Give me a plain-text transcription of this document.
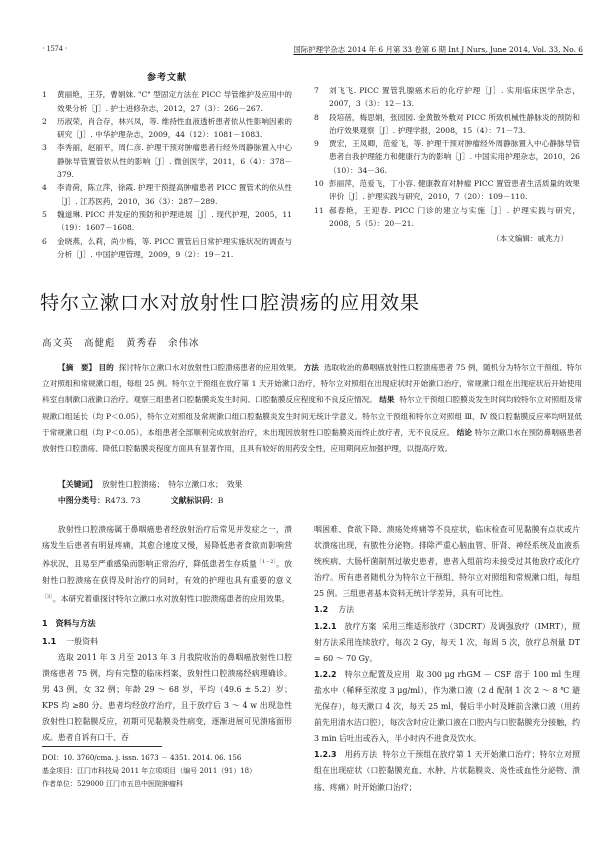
· 1574 ·	国际护理学杂志 2014 年 6 月第 33 卷第 6 期 Int J Nurs, June 2014, Vol. 33, No. 6
参考文献
1	黄丽艳，王芬，曹娟妹. "C" 型固定方法在 PICC 导管维护及应用中的效果分析［J］. 护士进修杂志，2012，27（3）：266－267.
2	历淑荣，肖合存，林兴凤，等. 维持性血液透析患者依从性影响因素的研究［J］. 中华护理杂志，2009，44（12）：1081－1083.
3	李秀丽，赵丽平，周仁彦. 护理干预对肿瘤患者行经外周静脉置入中心静脉导管置管依从性的影响［J］. 微创医学，2011，6（4）：378－379.
4	李青荷，陈立萍，徐霞. 护理干预提高肿瘤患者 PICC 置管术的依从性［J］. 江苏医药，2010，36（3）：287－289.
5	魏道琳. PICC 并发症的预防和护理进展［J］. 现代护理，2005，11（19）：1607－1608.
6	金晓燕，么莉，尚少梅，等. PICC 置管后日常护理实施状况的调查与分析［J］. 中国护理管理，2009，9（2）：19－21.
7	刘飞飞. PICC 置管乳腺癌术后的化疗护理［J］. 实用临床医学杂志，2007，3（3）：12－13.
8	段培蓓，梅思娟，张园园. 金黄散外敷对 PICC 所致机械性静脉炎的预防和治疗效果观察［J］. 护理学报，2008，15（4）：71－73.
9	贾宏，王凤卿，范爱飞，等. 护理干预对肿瘤经外周静脉置入中心静脉导管患者自我护理能力和健康行为的影响［J］. 中国实用护理杂志，2010，26（10）：34－36.
10 彭丽萍，范爱飞，丁小容. 健康教育对肿瘤 PICC 置管患者生活质量的效果评价［J］. 护理实践与研究，2010，7（20）：109－110.
11 郝春艳，王迎春. PICC 门诊的建立与实施［J］. 护理实践与研究，2008，5（5）：20－21.
（本文编辑：戚兆力）
特尔立漱口水对放射性口腔溃疡的应用效果
高文英　高健彪　黄秀春　余伟冰
【摘　要】 目的 探讨特尔立漱口水对放射性口腔溃疡患者的应用效果。 方法 选取收治的鼻咽癌放射性口腔溃疡患者 75 例，随机分为特尔立干预组、特尔立对照组和常规漱口组，每组 25 例。特尔立干预组在放疗第 1 天开始漱口治疗，特尔立对照组在出现症状时开始漱口治疗，常规漱口组在出现症状后开始使用科室自制漱口液漱口治疗。观察三组患者口腔黏膜炎发生时间、口腔黏膜反应程度和不良反应情况。 结果 特尔立干预组口腔膜炎发生时间均较特尔立对照组及常规漱口组延长（均 P＜0.05），特尔立对照组及常规漱口组口腔黏膜炎发生时间无统计学意义。特尔立干预组和特尔立对照组 Ⅲ、Ⅳ 级口腔黏膜反应率均明显低于常规漱口组（均 P＜0.05）。本组患者全部顺利完成放射治疗，未出现因放射性口腔黏膜炎而终止放疗者，无不良反应。 结论 特尔立漱口水在预防鼻咽癌患者放射性口腔溃疡、降低口腔黏膜炎程度方面具有显著作用，且具有较好的用药安全性，应用期间应加强护理，以提高疗效。
【关键词】 放射性口腔溃疡；　特尔立漱口水；　效果
中图分类号：R473. 73	文献标识码：B

放射性口腔溃疡属于鼻咽癌患者经放射治疗后常见并发症之一，溃疡发生后患者有明显疼痛，其愈合速度又慢，易降低患者食欲而影响营养状况，且易至严重感染而影响正常治疗，降低患者生存质量$^{[1-2]}$。放射性口腔溃疡在获得及时治疗的同时，有效的护理也具有重要的意义$^{[3]}$。本研究着重探讨特尔立漱口水对放射性口腔溃疡患者的应用效果。

1　资料与方法
1.1 一般资料

选取 2011 年 3 月至 2013 年 3 月我院收治的鼻咽癌放射性口腔溃疡患者 75 例，均有完整的临床档案，放射性口腔溃疡经病理确诊。男 43 例，女 32 例；年龄 29 ～ 68 岁，平均（49.6 ± 5.2）岁；KPS 均 ≥80 分。患者均经放疗治疗，且于放疗后 3 ～ 4 w 出现急性放射性口腔黏膜反应，初期可见黏膜炎性病变，逐渐进展可见溃疡面形成。患者自诉有口干、吞

咽困难、食欲下降、溃疡处疼痛等不良症状，临床检查可见黏膜有点状或片状溃疡出现，有脓性分泌物。排除严重心脑血管、肝肾、神经系统及血液系统疾病、大肠杆菌制剂过敏史患者，患者入组前均未接受过其他放疗或化疗治疗。所有患者随机分为特尔立干预组、特尔立对照组和常规漱口组，每组 25 例。三组患者基本资料无统计学差异，具有可比性。

1.2 方法

1.2.1 放疗方案 采用三维适形放疗（3DCRT）及调强放疗（IMRT），照射方法采用连续放疗，每次 2 Gy，每天 1 次，每周 5 次，放疗总剂量 DT = 60 ～ 70 Gy。

1.2.2 特尔立配置及应用 取 300 μg rhGM － CSF 溶于 100 ml 生理盐水中（稀释至浓度 3 μg/ml），作为漱口液（2 d 配制 1 次 2 ～ 8 ℃ 避光保存），每天漱口 4 次，每天 25 ml，餐后半小时及睡前含漱口液（用药前先用清水洁口腔），每次含时应让漱口液在口腔内与口腔黏膜充分接触，约 3 min 后吐出或吞入，半小时内不进食及饮水。

1.2.3 用药方法 特尔立干预组在放疗第 1 天开始漱口治疗；特尔立对照组在出现症状（口腔黏膜充血、水肿、片状黏膜炎、炎性或血性分泌物、溃疡、疼痛）时开始漱口治疗；

DOI：10. 3760/cma. j. issn. 1673 － 4351. 2014. 06. 156
基金项目：江门市科技局 2011 年立项项目（编号 2011（91）18）
作者单位：529000 江门市五邑中医院肿瘤科
